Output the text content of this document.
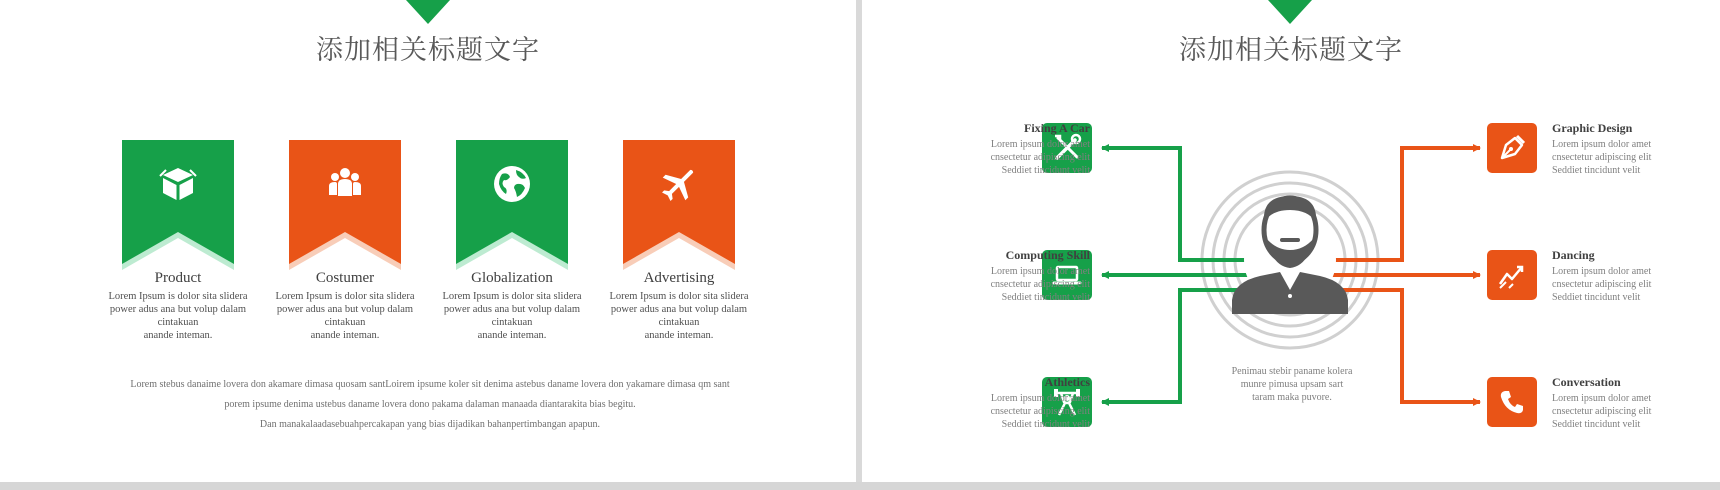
添加相关标题文字
Product
Lorem Ipsum is dolor sita slidera
power adus ana but volup dalam
cintakuan
anande inteman.
Costumer
Lorem Ipsum is dolor sita slidera
power adus ana but volup dalam
cintakuan
anande inteman.
Globalization
Lorem Ipsum is dolor sita slidera
power adus ana but volup dalam
cintakuan
anande inteman.
Advertising
Lorem Ipsum is dolor sita slidera
power adus ana but volup dalam
cintakuan
anande inteman.
Lorem stebus danaime lovera don akamare dimasa quosam santLoirem ipsume koler sit denima astebus daname lovera don yakamare dimasa qm sant
porem ipsume denima ustebus daname lovera dono pakama dalaman manaada diantarakita bias begitu.
Dan manakalaadasebuahpercakapan yang bias dijadikan bahanpertimbangan apapun.
添加相关标题文字
Fixing A Car
Lorem ipsum dolor amet
cnsectetur adipiscing elit
Seddiet tincidunt velit
Computing Skill
Lorem ipsum dolor amet
cnsectetur adipiscing elit
Seddiet tincidunt velit
Athletics
Lorem ipsum dolor amet
cnsectetur adipiscing elit
Seddiet tincidunt velit
Graphic Design
Lorem ipsum dolor amet
cnsectetur adipiscing elit
Seddiet tincidunt velit
Dancing
Lorem ipsum dolor amet
cnsectetur adipiscing elit
Seddiet tincidunt velit
Conversation
Lorem ipsum dolor amet
cnsectetur adipiscing elit
Seddiet tincidunt velit
Penimau stebir paname kolera
munre pimusa upsam sart
taram maka puvore.
